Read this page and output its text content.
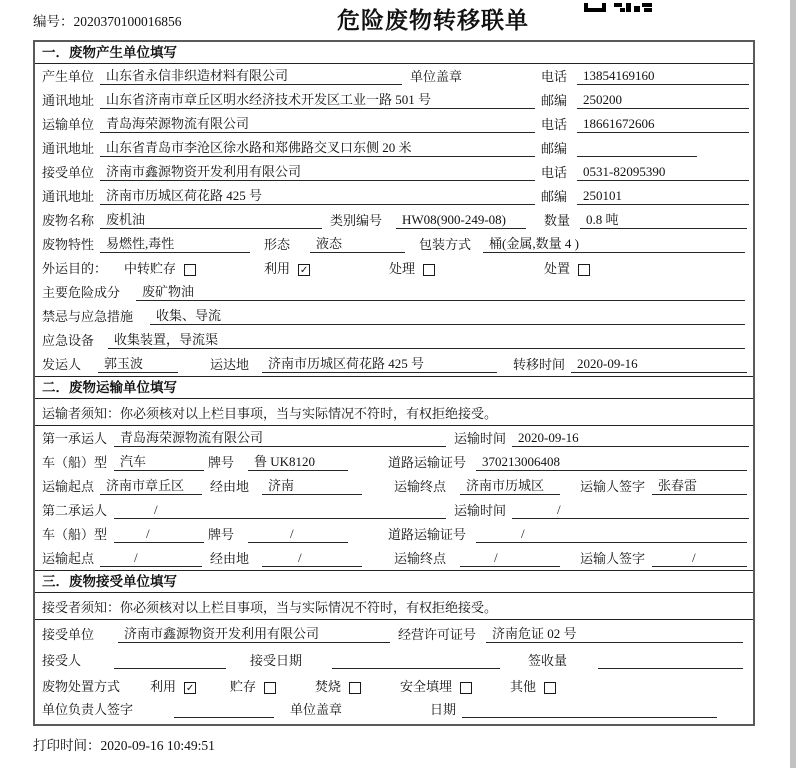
编号：2020370100016856	危险废物转移联单
一．废物产生单位填写
产生单位 山东省永信非织造材料有限公司	单位盖章	电话	13854169160
通讯地址 山东省济南市章丘区明水经济技术开发区工业一路 501 号	邮编	250200
运输单位 青岛海荣源物流有限公司	电话	18661672606
通讯地址 山东省青岛市李沧区徐水路和郑佛路交叉口东侧 20 米	邮编
接受单位 济南市鑫源物资开发利用有限公司	电话	0531-82095390
通讯地址 济南市历城区荷花路 425 号	邮编	250101
废物名称 废机油	类别编号	HW08(900-249-08)	数量	0.8 吨
废物特性 易燃性,毒性	形态	液态	包装方式	桶(金属,数量 4 )
外运目的：	中转贮存	利用 ✓	处理	处置
主要危险成分	废矿物油
禁忌与应急措施	收集、导流
应急设备	收集装置，导流渠
发运人	郭玉波	运达地	济南市历城区荷花路 425 号	转移时间 2020-09-16
二．废物运输单位填写
运输者须知： 你必须核对以上栏目事项，当与实际情况不符时，有权拒绝接受。
第一承运人 青岛海荣源物流有限公司	运输时间 2020-09-16
车（船）型 汽车	牌号	鲁 UK8120	道路运输证号	370213006408
运输起点 济南市章丘区	经由地	济南	运输终点	济南市历城区	运输人签字 张春雷
第二承运人	/	运输时间	/
车（船）型	/	牌号	/	道路运输证号	/
运输起点	/	经由地	/	运输终点	/	运输人签字	/
三．废物接受单位填写
接受者须知： 你必须核对以上栏目事项，当与实际情况不符时，有权拒绝接受。
接受单位	济南市鑫源物资开发利用有限公司	经营许可证号	济南危证 02 号
接受人	接受日期	签收量
废物处置方式	利用 ✓	贮存	焚烧	安全填埋	其他
单位负责人签字	单位盖章	日期
打印时间：2020-09-16 10:49:51
